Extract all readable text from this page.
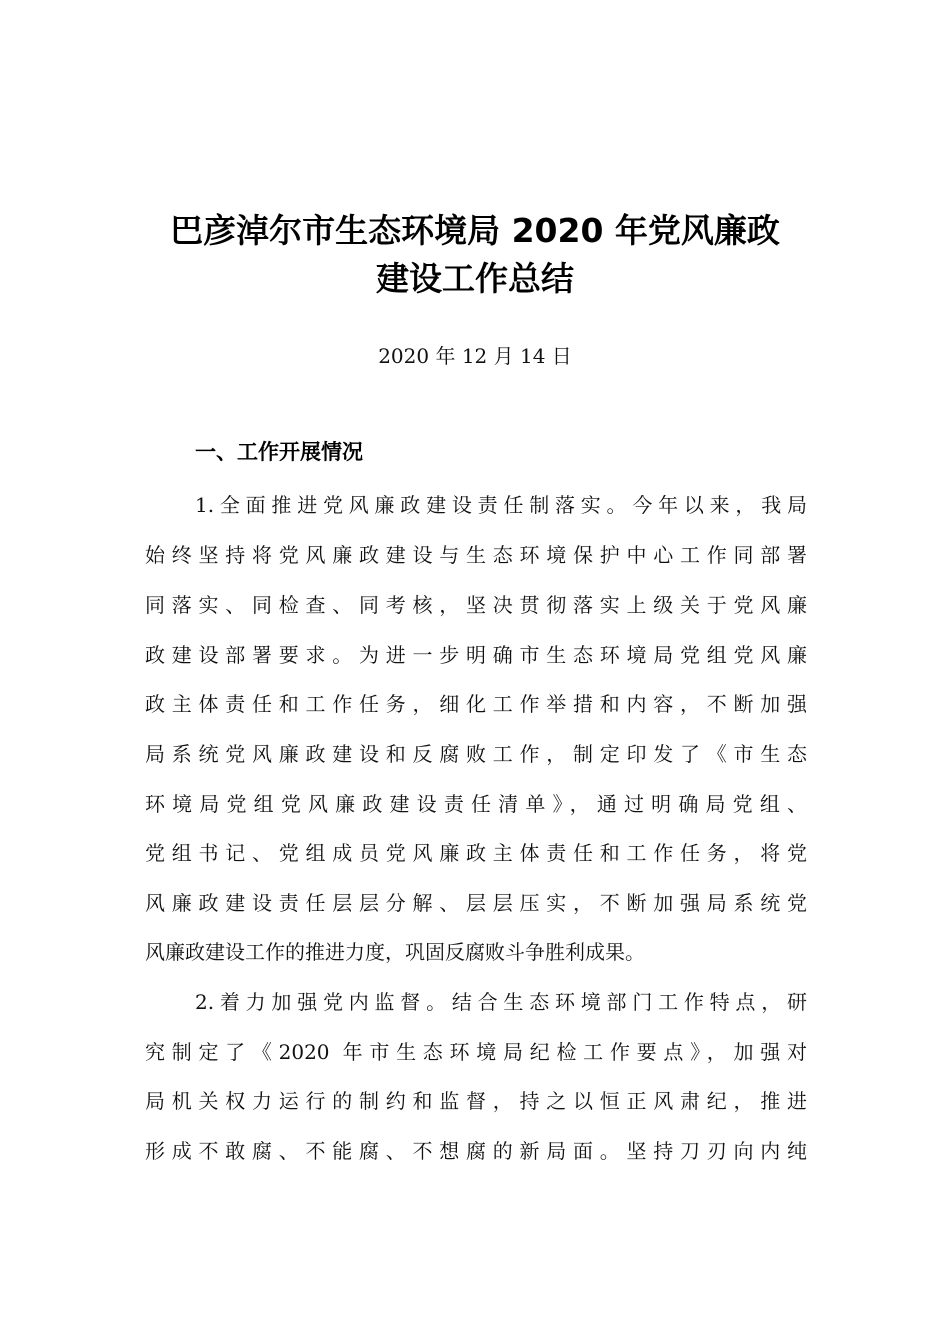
巴彦淖尔市生态环境局 2020 年党风廉政
建设工作总结
2020 年 12 月 14 日
一、工作开展情况
1.全面推进党风廉政建设责任制落实。今年以来，我局
始终坚持将党风廉政建设与生态环境保护中心工作同部署
同落实、同检查、同考核，坚决贯彻落实上级关于党风廉
政建设部署要求。为进一步明确市生态环境局党组党风廉
政主体责任和工作任务，细化工作举措和内容，不断加强
局系统党风廉政建设和反腐败工作，制定印发了《市生态
环境局党组党风廉政建设责任清单》，通过明确局党组、
党组书记、党组成员党风廉政主体责任和工作任务，将党
风廉政建设责任层层分解、层层压实，不断加强局系统党
风廉政建设工作的推进力度，巩固反腐败斗争胜利成果。
2.着力加强党内监督。结合生态环境部门工作特点，研
究制定了《2020 年市生态环境局纪检工作要点》，加强对
局机关权力运行的制约和监督，持之以恒正风肃纪，推进
形成不敢腐、不能腐、不想腐的新局面。坚持刀刃向内纯
